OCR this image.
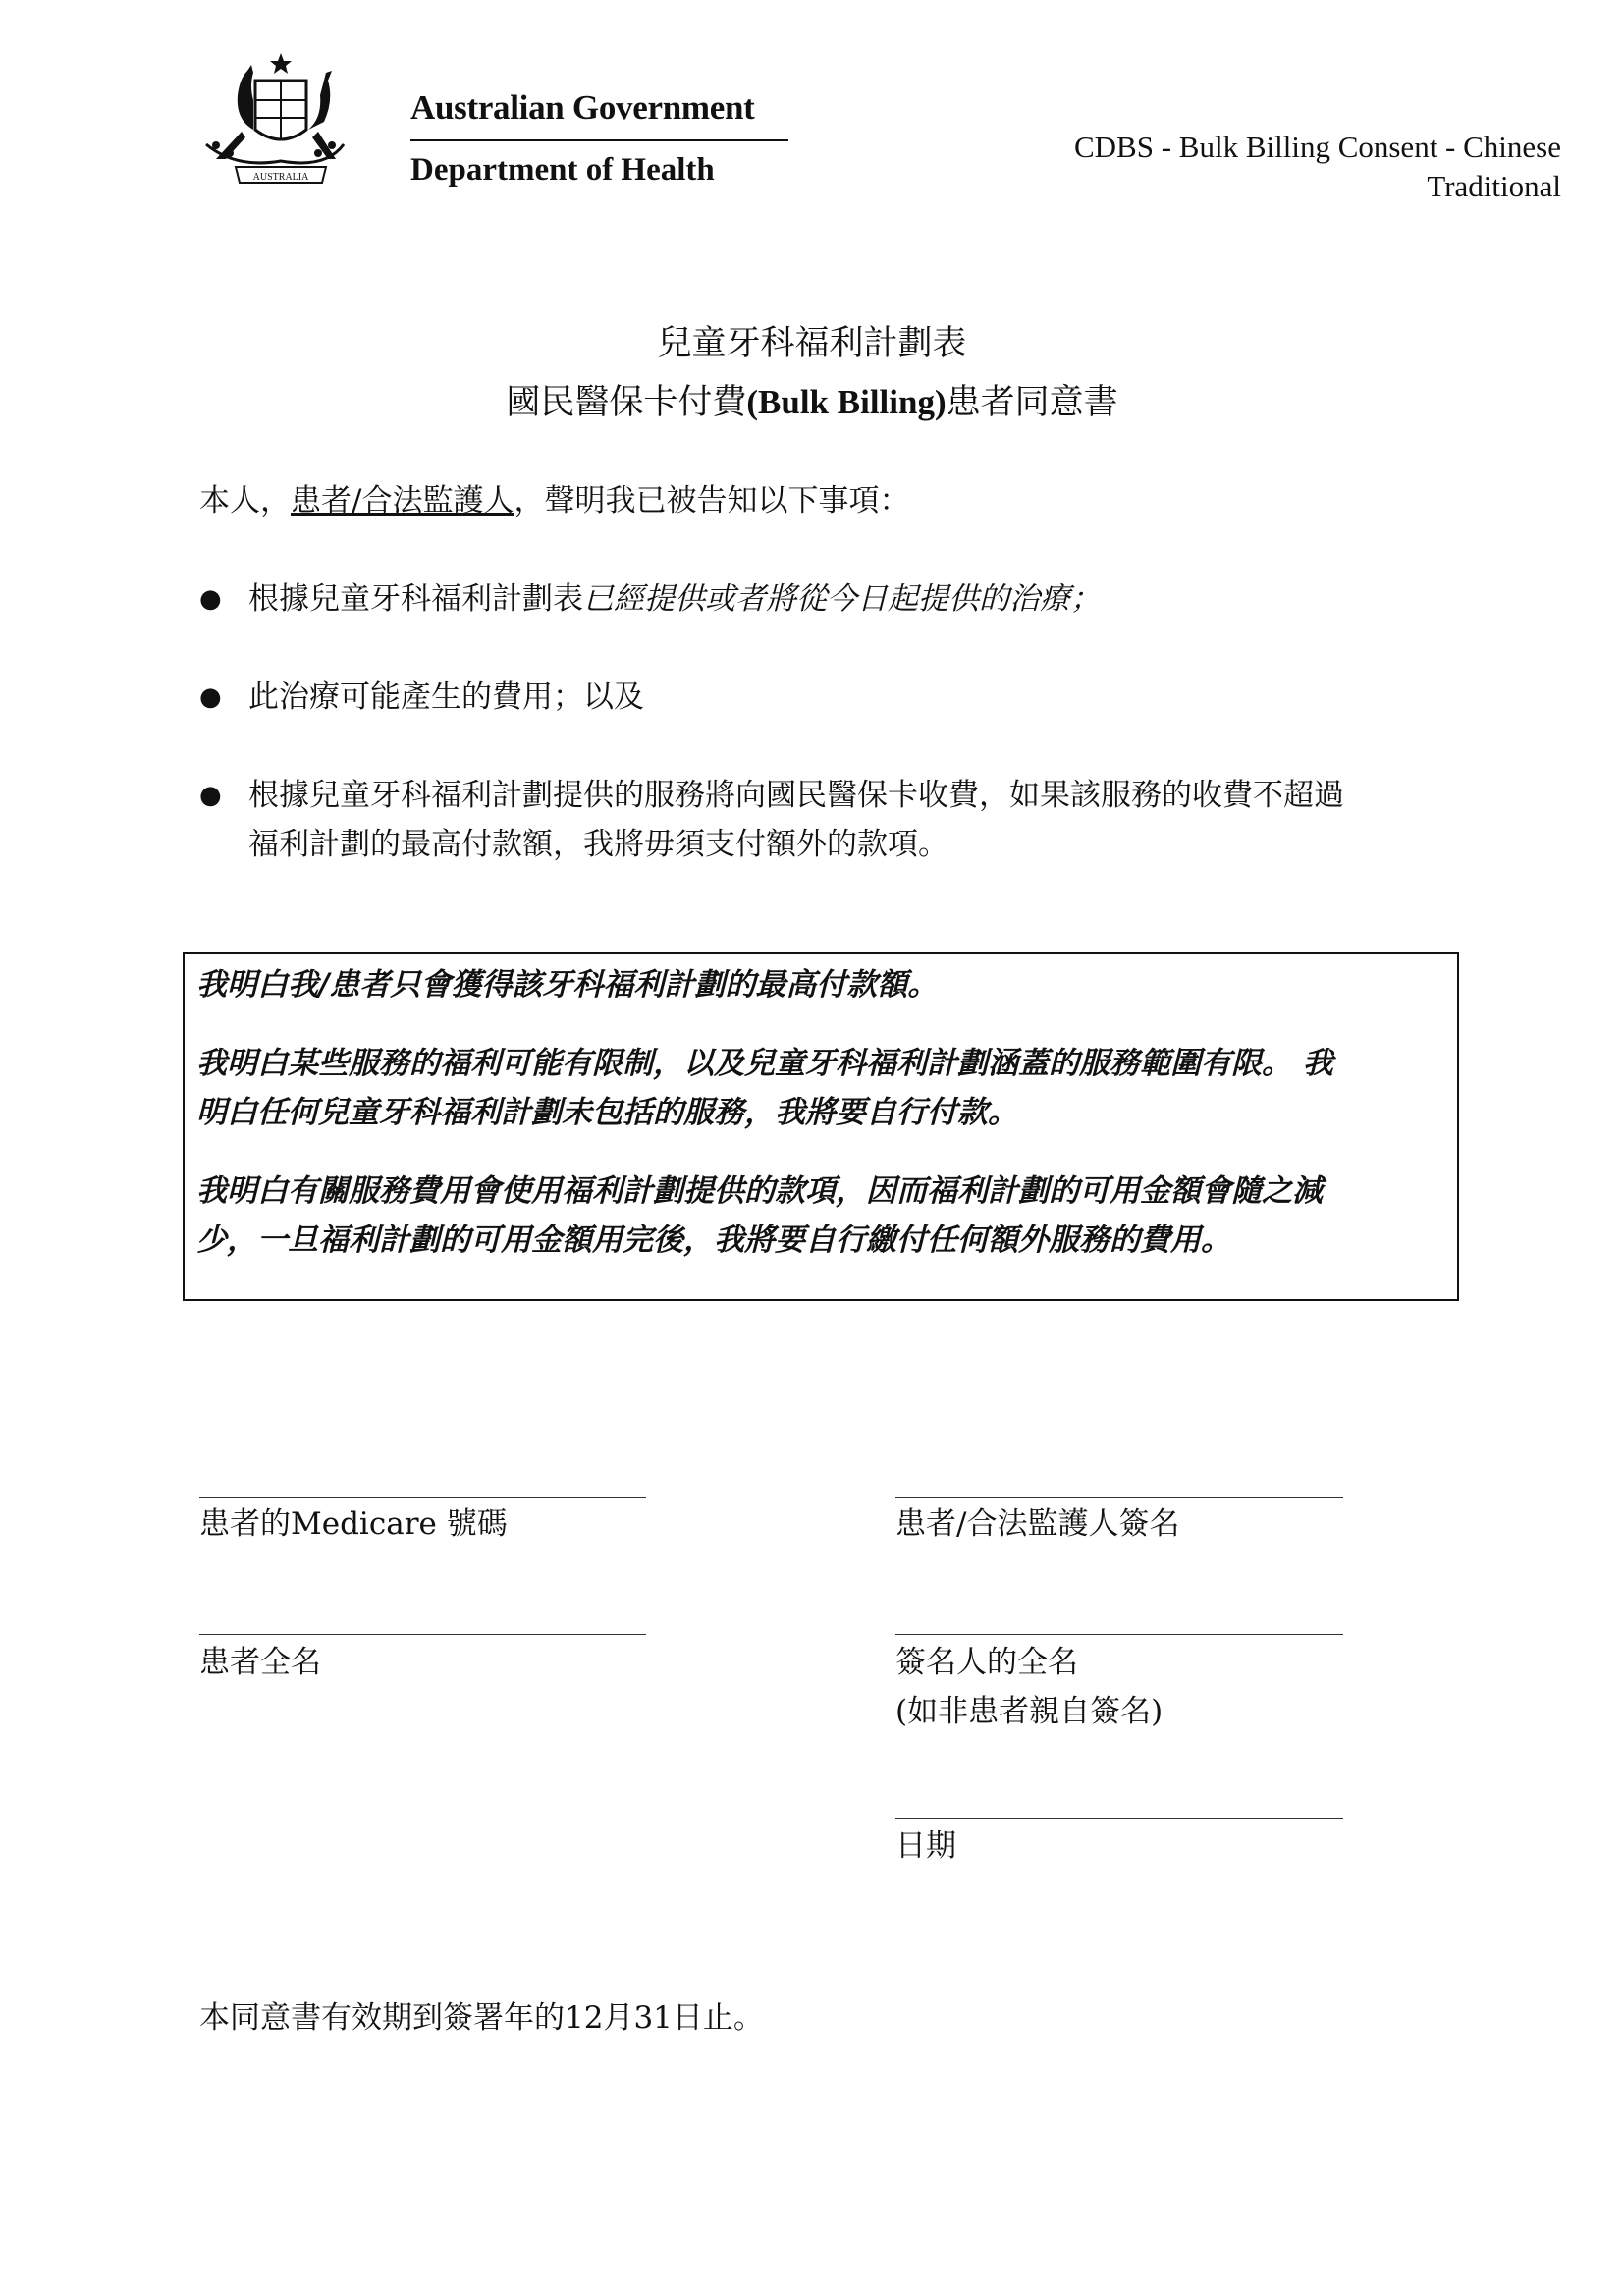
AUSTRALIA
Australian Government
Department of Health
CDBS - Bulk Billing Consent - Chinese
Traditional
兒童牙科福利計劃表
國民醫保卡付費(Bulk Billing)患者同意書
本人，患者/合法監護人，聲明我已被告知以下事項：
● 根據兒童牙科福利計劃表已經提供或者將從今日起提供的治療；
● 此治療可能產生的費用；以及
● 根據兒童牙科福利計劃提供的服務將向國民醫保卡收費，如果該服務的收費不超過
福利計劃的最高付款額，我將毋須支付額外的款項。

我明白我/患者只會獲得該牙科福利計劃的最高付款額。

我明白某些服務的福利可能有限制，以及兒童牙科福利計劃涵蓋的服務範圍有限。 我
明白任何兒童牙科福利計劃未包括的服務，我將要自行付款。

我明白有關服務費用會使用福利計劃提供的款項，因而福利計劃的可用金額會隨之減
少，一旦福利計劃的可用金額用完後，我將要自行繳付任何額外服務的費用。

患者的Medicare 號碼	患者/合法監護人簽名
患者全名	簽名人的全名
(如非患者親自簽名)
日期
本同意書有效期到簽署年的12月31日止。
